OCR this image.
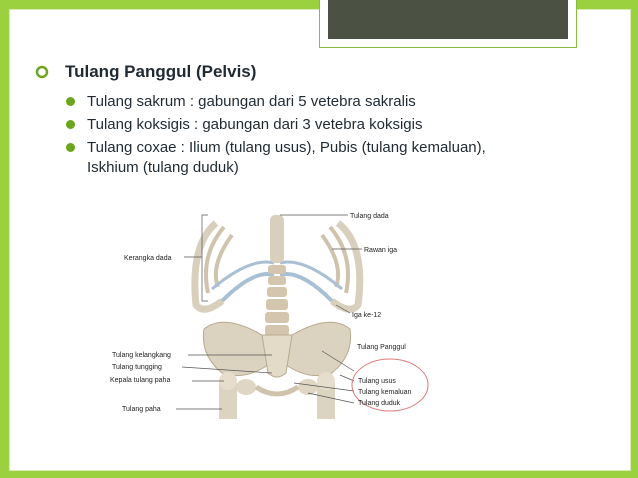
Tulang Panggul (Pelvis)
Tulang sakrum : gabungan dari 5 vetebra sakralis
Tulang koksigis : gabungan dari 3 vetebra koksigis
Tulang coxae : Ilium (tulang usus), Pubis (tulang kemaluan), Iskhium (tulang duduk)
Tulang dada
Kerangka dada
Rawan iga
Iga ke-12
Tulang Panggul
Tulang kelangkang
Tulang tungging
Kepala tulang paha
Tulang paha
Tulang usus
Tulang kemaluan
Tulang duduk
